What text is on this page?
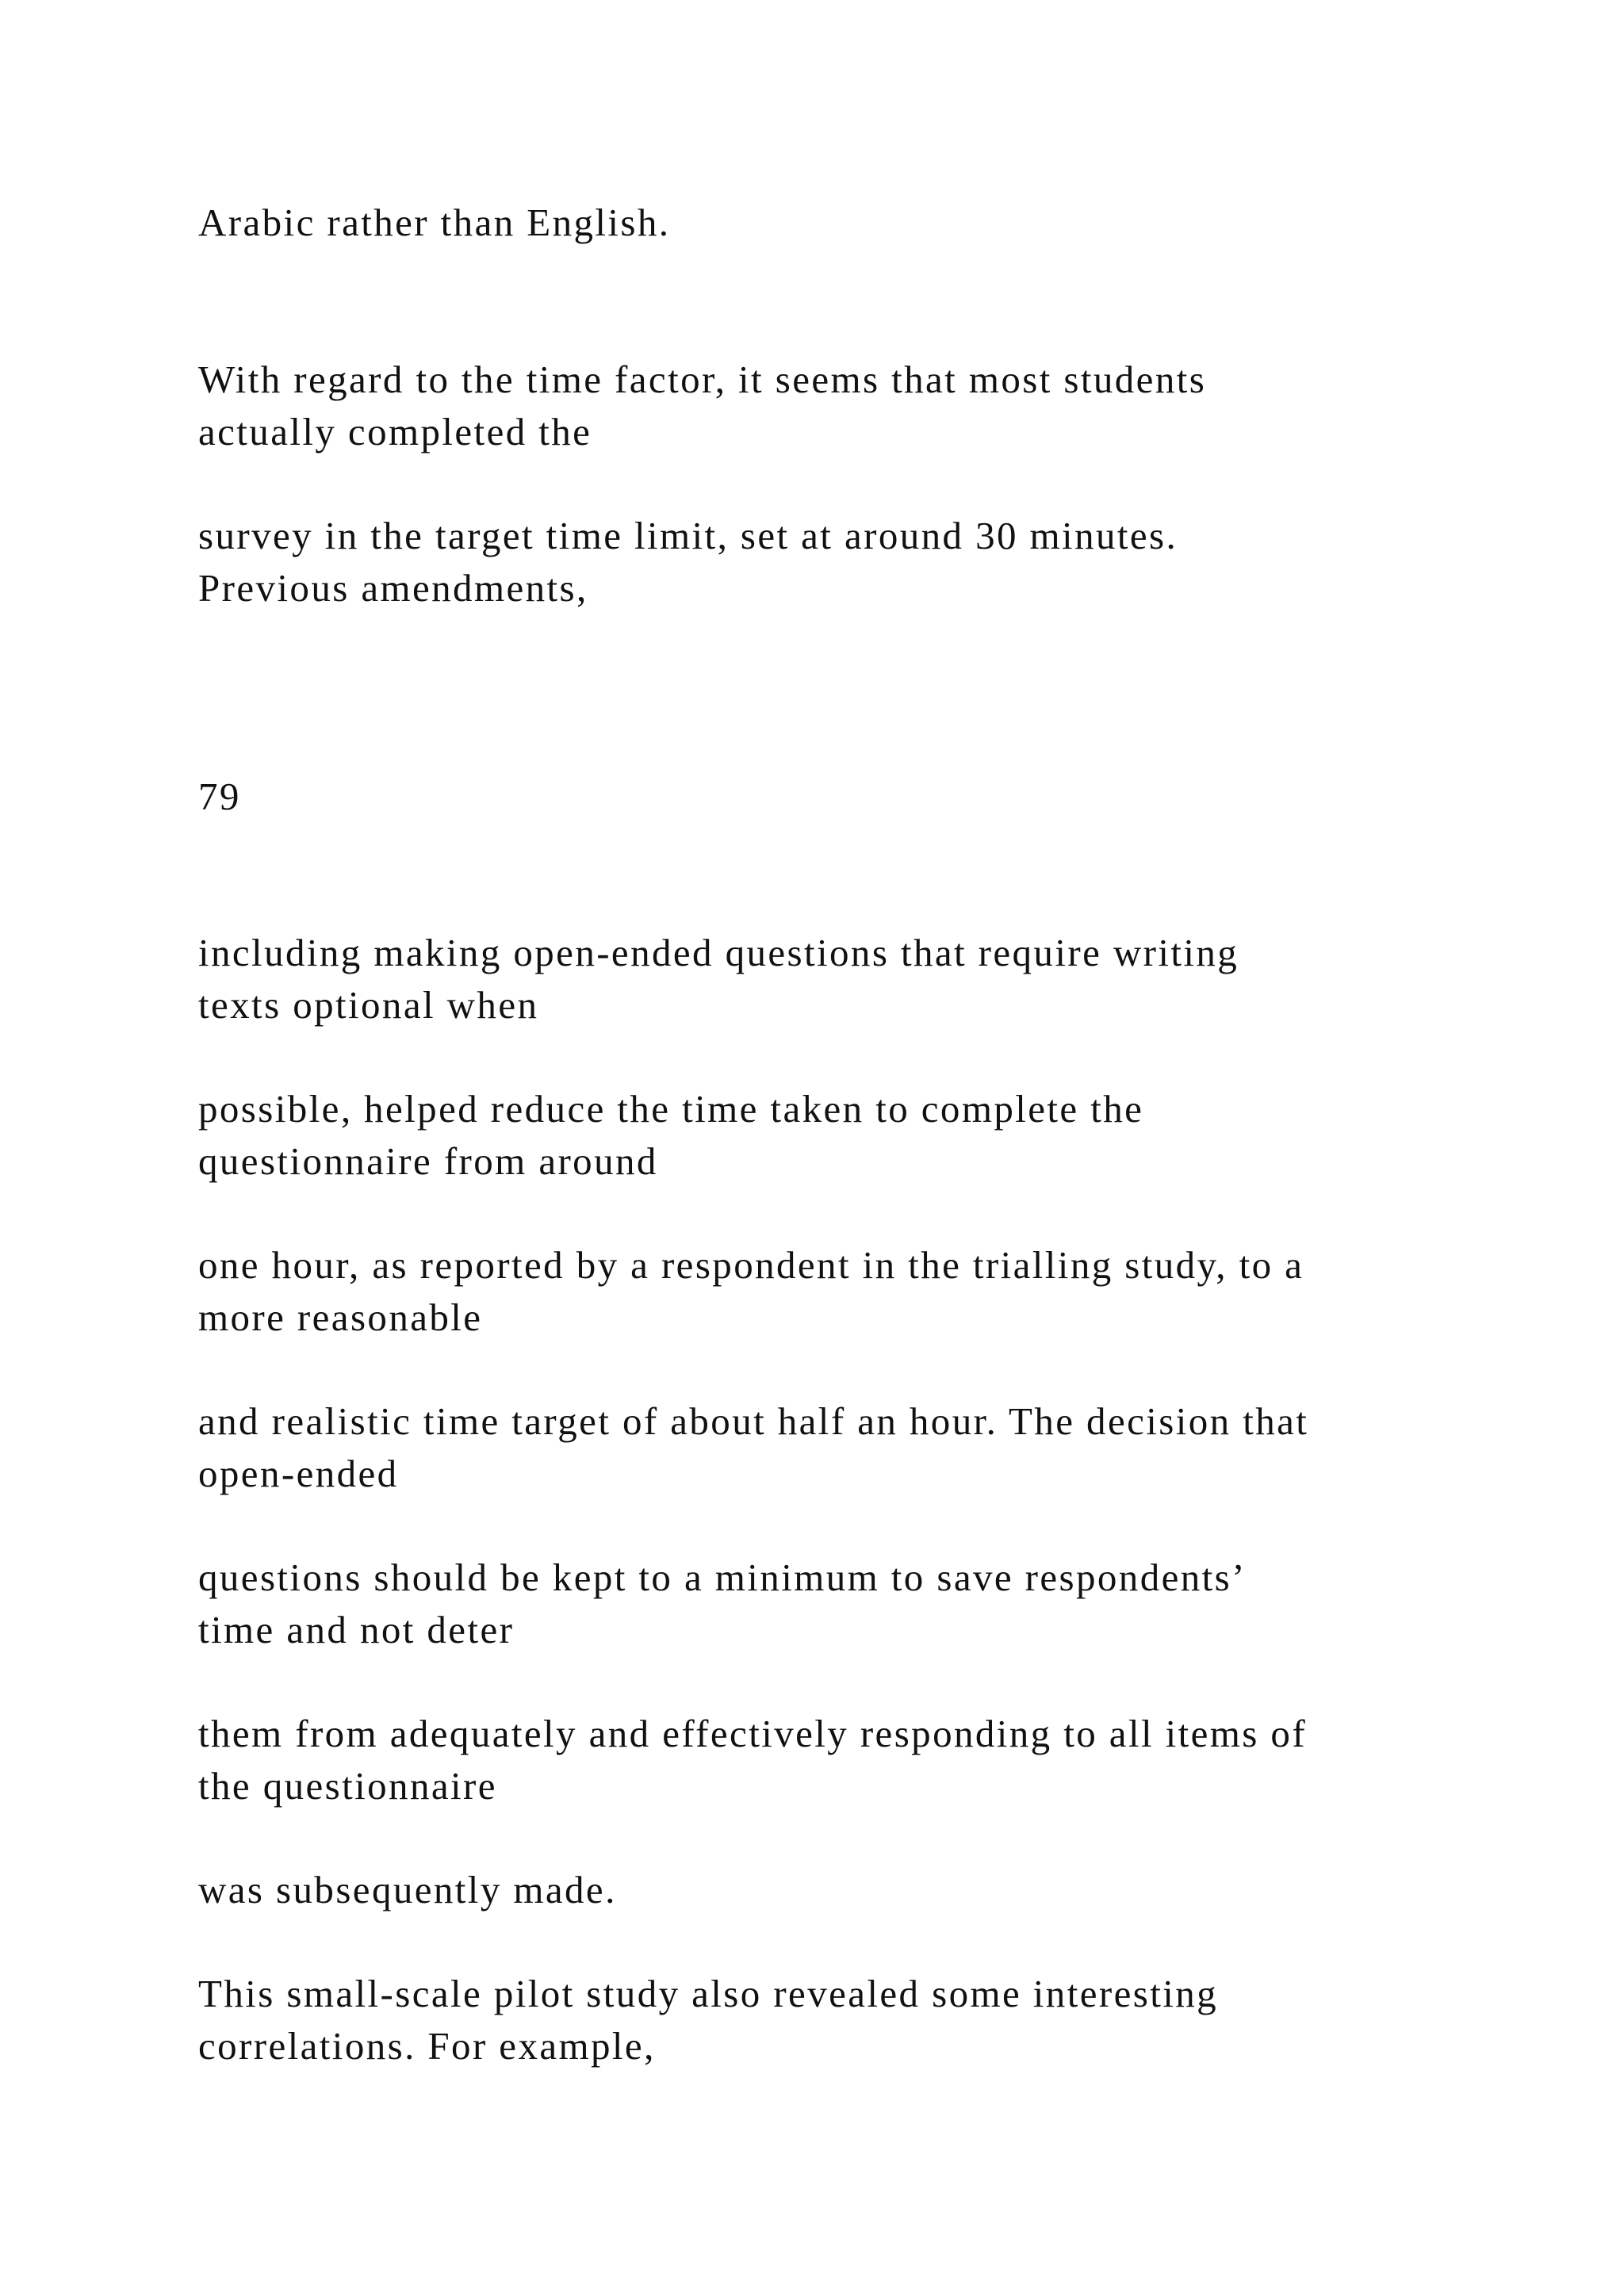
Arabic rather than English.

With regard to the time factor, it seems that most students

actually completed the

survey in the target time limit, set at around 30 minutes.

Previous amendments,

79

including making open-ended questions that require writing

texts optional when

possible, helped reduce the time taken to complete the

questionnaire from around

one hour, as reported by a respondent in the trialling study, to a

more reasonable

and realistic time target of about half an hour. The decision that

open-ended

questions should be kept to a minimum to save respondents’

time and not deter

them from adequately and effectively responding to all items of

the questionnaire

was subsequently made.

This small-scale pilot study also revealed some interesting

correlations. For example,
